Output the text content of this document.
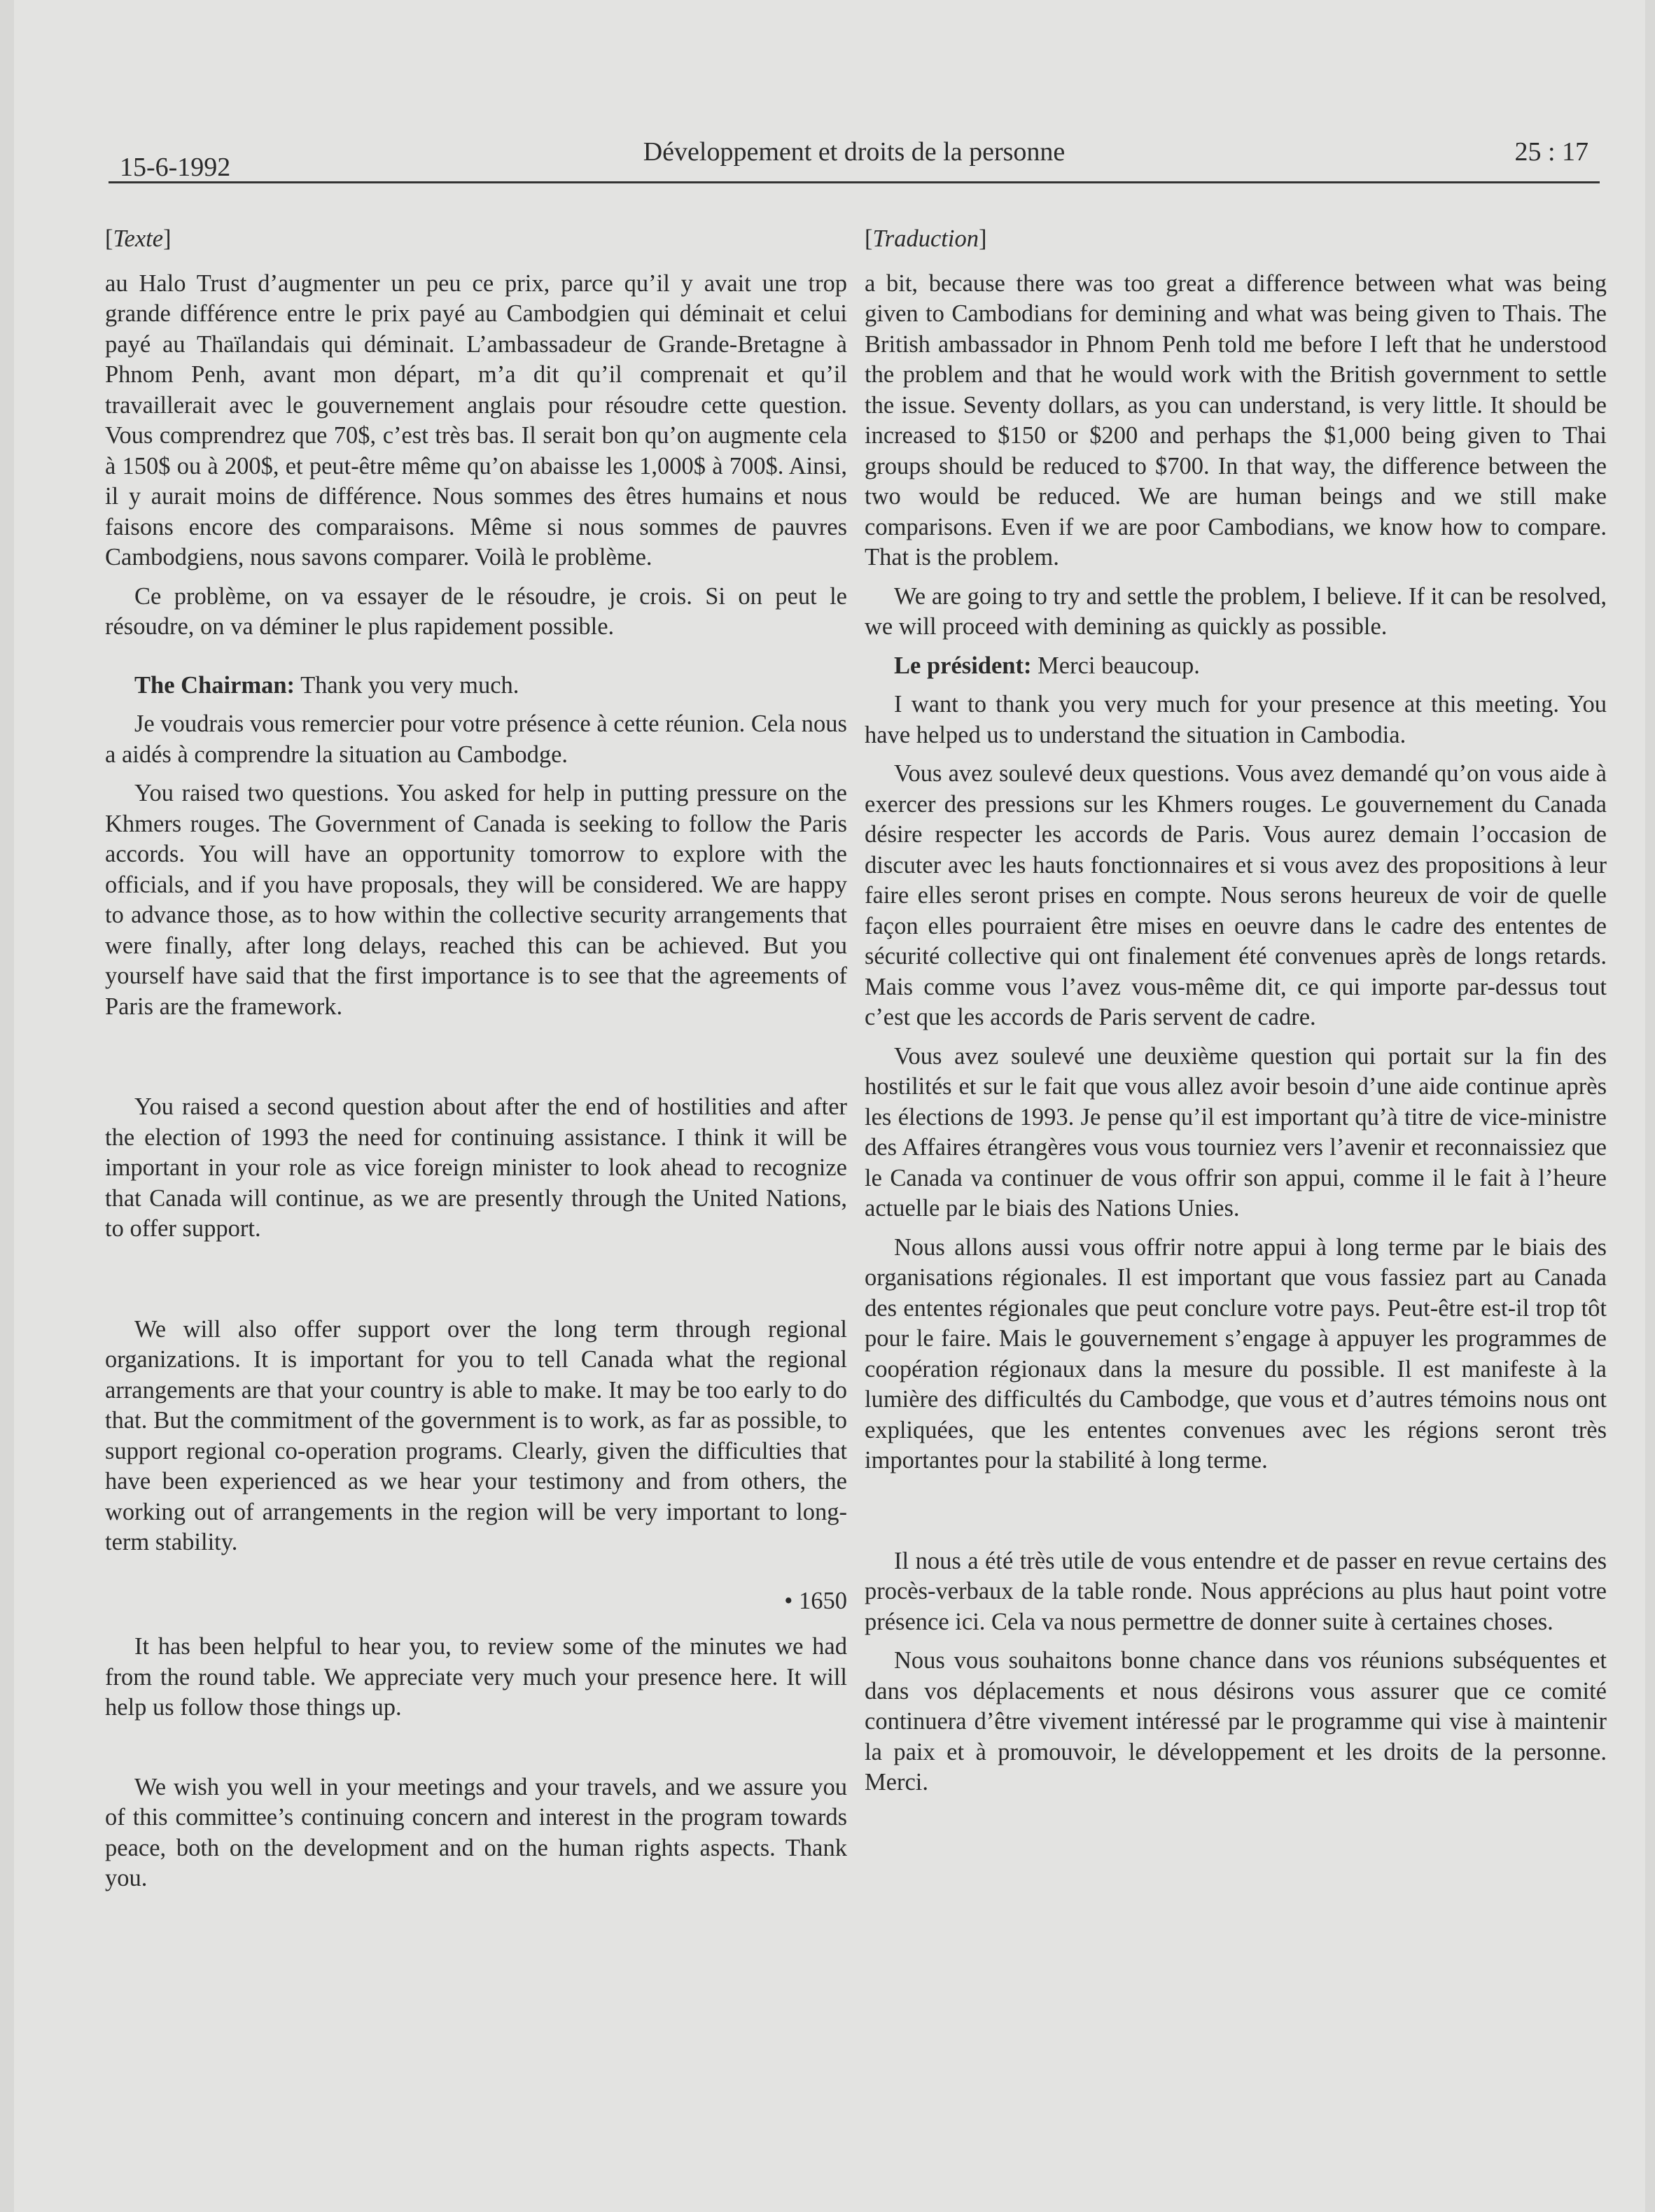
15-6-1992
Développement et droits de la personne	25 : 17
[Texte]

au Halo Trust d’augmenter un peu ce prix, parce qu’il y avait une trop grande différence entre le prix payé au Cambodgien qui déminait et celui payé au Thaïlandais qui déminait. L’ambassadeur de Grande-Bretagne à Phnom Penh, avant mon départ, m’a dit qu’il comprenait et qu’il travaillerait avec le gouvernement anglais pour résoudre cette question. Vous comprendrez que 70$, c’est très bas. Il serait bon qu’on augmente cela à 150$ ou à 200$, et peut-être même qu’on abaisse les 1,000$ à 700$. Ainsi, il y aurait moins de différence. Nous sommes des êtres humains et nous faisons encore des comparaisons. Même si nous sommes de pauvres Cambodgiens, nous savons comparer. Voilà le problème.

Ce problème, on va essayer de le résoudre, je crois. Si on peut le résoudre, on va déminer le plus rapidement possible.

The Chairman: Thank you very much.

Je voudrais vous remercier pour votre présence à cette réunion. Cela nous a aidés à comprendre la situation au Cambodge.

You raised two questions. You asked for help in putting pressure on the Khmers rouges. The Government of Canada is seeking to follow the Paris accords. You will have an opportunity tomorrow to explore with the officials, and if you have proposals, they will be considered. We are happy to advance those, as to how within the collective security arrangements that were finally, after long delays, reached this can be achieved. But you yourself have said that the first importance is to see that the agreements of Paris are the framework.

You raised a second question about after the end of hostilities and after the election of 1993 the need for continuing assistance. I think it will be important in your role as vice foreign minister to look ahead to recognize that Canada will continue, as we are presently through the United Nations, to offer support.

We will also offer support over the long term through regional organizations. It is important for you to tell Canada what the regional arrangements are that your country is able to make. It may be too early to do that. But the commitment of the government is to work, as far as possible, to support regional co-operation programs. Clearly, given the difficulties that have been experienced as we hear your testimony and from others, the working out of arrangements in the region will be very important to long-term stability.

• 1650

It has been helpful to hear you, to review some of the minutes we had from the round table. We appreciate very much your presence here. It will help us follow those things up.

We wish you well in your meetings and your travels, and we assure you of this committee’s continuing concern and interest in the program towards peace, both on the development and on the human rights aspects. Thank you.

[Traduction]

a bit, because there was too great a difference between what was being given to Cambodians for demining and what was being given to Thais. The British ambassador in Phnom Penh told me before I left that he understood the problem and that he would work with the British government to settle the issue. Seventy dollars, as you can understand, is very little. It should be increased to $150 or $200 and perhaps the $1,000 being given to Thai groups should be reduced to $700. In that way, the difference between the two would be reduced. We are human beings and we still make comparisons. Even if we are poor Cambodians, we know how to compare. That is the problem.

We are going to try and settle the problem, I believe. If it can be resolved, we will proceed with demining as quickly as possible.

Le président: Merci beaucoup.

I want to thank you very much for your presence at this meeting. You have helped us to understand the situation in Cambodia.

Vous avez soulevé deux questions. Vous avez demandé qu’on vous aide à exercer des pressions sur les Khmers rouges. Le gouvernement du Canada désire respecter les accords de Paris. Vous aurez demain l’occasion de discuter avec les hauts fonctionnaires et si vous avez des propositions à leur faire elles seront prises en compte. Nous serons heureux de voir de quelle façon elles pourraient être mises en oeuvre dans le cadre des ententes de sécurité collective qui ont finalement été convenues après de longs retards. Mais comme vous l’avez vous-même dit, ce qui importe par-dessus tout c’est que les accords de Paris servent de cadre.

Vous avez soulevé une deuxième question qui portait sur la fin des hostilités et sur le fait que vous allez avoir besoin d’une aide continue après les élections de 1993. Je pense qu’il est important qu’à titre de vice-ministre des Affaires étrangères vous vous tourniez vers l’avenir et reconnaissiez que le Canada va continuer de vous offrir son appui, comme il le fait à l’heure actuelle par le biais des Nations Unies.

Nous allons aussi vous offrir notre appui à long terme par le biais des organisations régionales. Il est important que vous fassiez part au Canada des ententes régionales que peut conclure votre pays. Peut-être est-il trop tôt pour le faire. Mais le gouvernement s’engage à appuyer les programmes de coopération régionaux dans la mesure du possible. Il est manifeste à la lumière des difficultés du Cambodge, que vous et d’autres témoins nous ont expliquées, que les ententes convenues avec les régions seront très importantes pour la stabilité à long terme.

Il nous a été très utile de vous entendre et de passer en revue certains des procès-verbaux de la table ronde. Nous apprécions au plus haut point votre présence ici. Cela va nous permettre de donner suite à certaines choses.

Nous vous souhaitons bonne chance dans vos réunions subséquentes et dans vos déplacements et nous désirons vous assurer que ce comité continuera d’être vivement intéressé par le programme qui vise à maintenir la paix et à promouvoir, le développement et les droits de la personne. Merci.
